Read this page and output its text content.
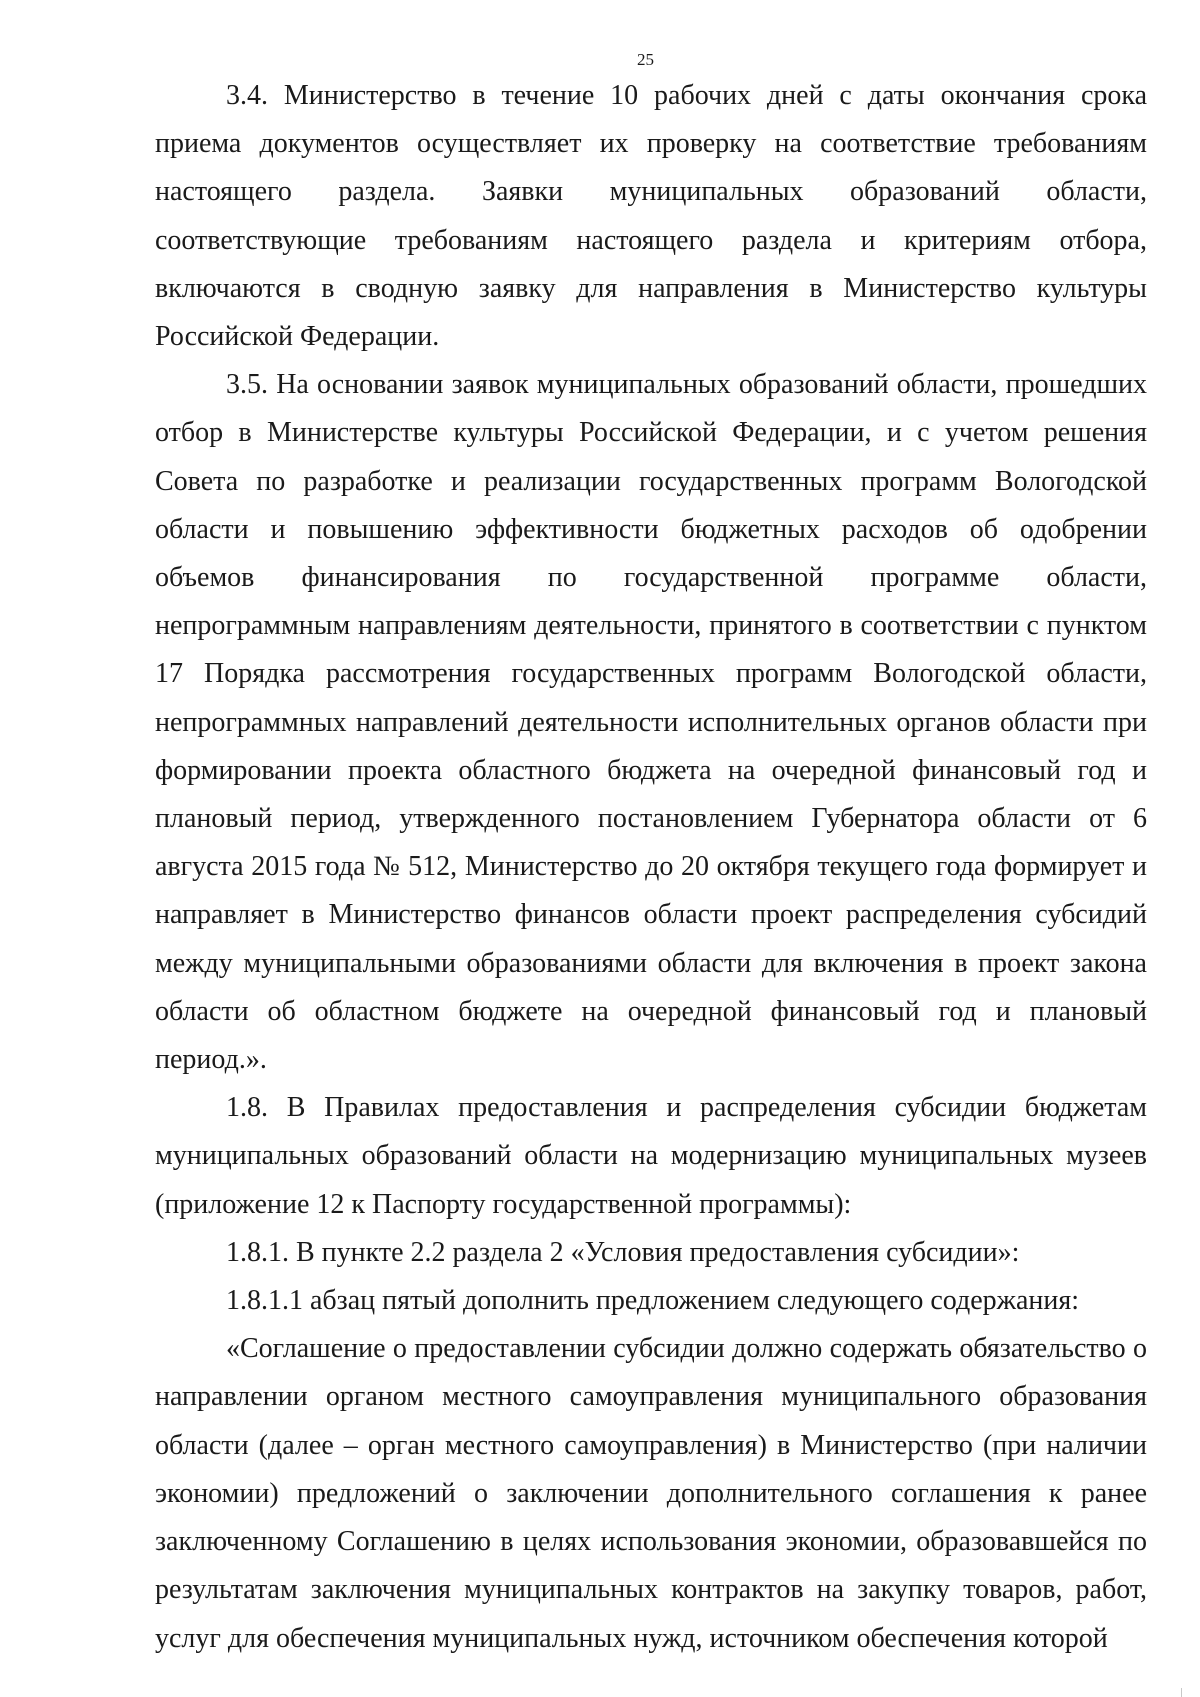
25

3.4. Министерство в течение 10 рабочих дней с даты окончания срока приема документов осуществляет их проверку на соответствие требованиям настоящего раздела. Заявки муниципальных образований области, соответствующие требованиям настоящего раздела и критериям отбора, включаются в сводную заявку для направления в Министерство культуры Российской Федерации.

3.5. На основании заявок муниципальных образований области, прошедших отбор в Министерстве культуры Российской Федерации, и с учетом решения Совета по разработке и реализации государственных программ Вологодской области и повышению эффективности бюджетных расходов об одобрении объемов финансирования по государственной программе области, непрограммным направлениям деятельности, принятого в соответствии с пунктом 17 Порядка рассмотрения государственных программ Вологодской области, непрограммных направлений деятельности исполнительных органов области при формировании проекта областного бюджета на очередной финансовый год и плановый период, утвержденного постановлением Губернатора области от 6 августа 2015 года № 512, Министерство до 20 октября текущего года формирует и направляет в Министерство финансов области проект распределения субсидий между муниципальными образованиями области для включения в проект закона области об областном бюджете на очередной финансовый год и плановый период.».

1.8. В Правилах предоставления и распределения субсидии бюджетам муниципальных образований области на модернизацию муниципальных музеев (приложение 12 к Паспорту государственной программы):

1.8.1. В пункте 2.2 раздела 2 «Условия предоставления субсидии»:

1.8.1.1 абзац пятый дополнить предложением следующего содержания:

«Соглашение о предоставлении субсидии должно содержать обязательство о направлении органом местного самоуправления муниципального образования области (далее – орган местного самоуправления) в Министерство (при наличии экономии) предложений о заключении дополнительного соглашения к ранее заключенному Соглашению в целях использования экономии, образовавшейся по результатам заключения муниципальных контрактов на закупку товаров, работ, услуг для обеспечения муниципальных нужд, источником обеспечения которой
